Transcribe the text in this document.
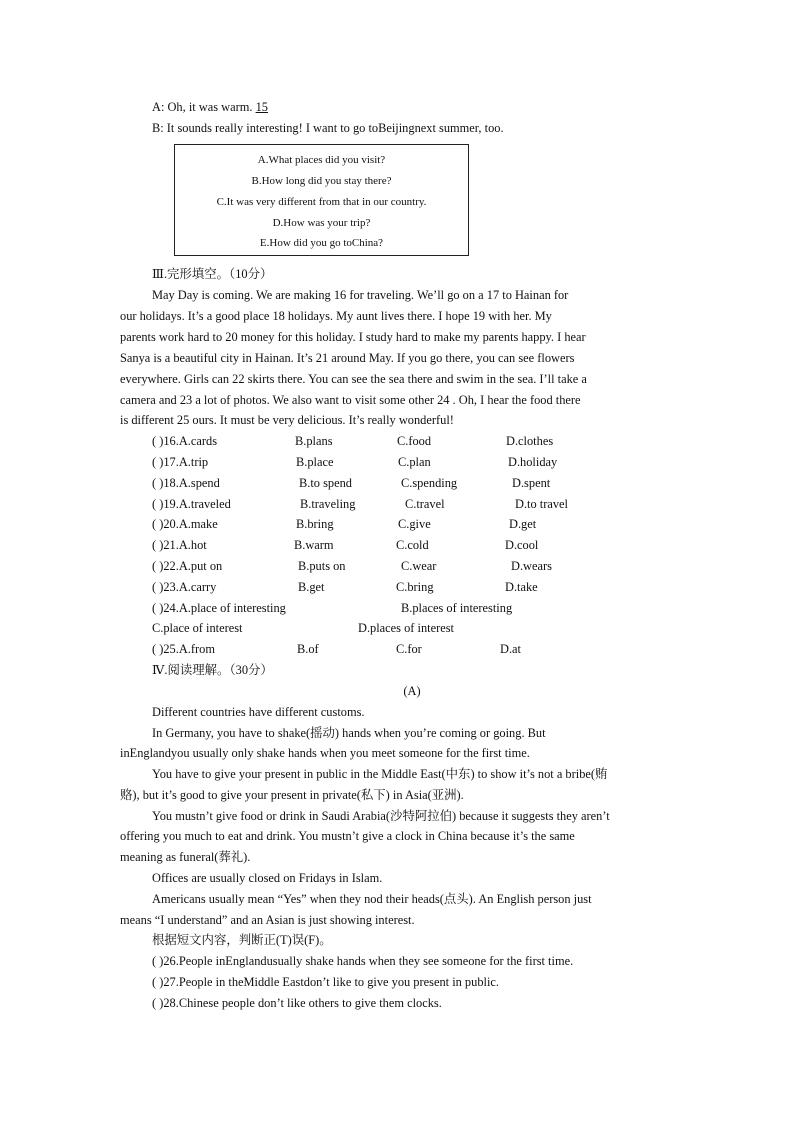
A: Oh, it was warm. 15
B: It sounds really interesting! I want to go toBeijingnext summer, too.
A.What places did you visit?
B.How long did you stay there?
C.It was very different from that in our country.
D.How was your trip?
E.How did you go toChina?
Ⅲ.完形填空。（10分）
May Day is coming. We are making 16 for traveling. We’ll go on a 17 to Hainan for
our holidays. It’s a good place 18 holidays. My aunt lives there. I hope 19 with her. My
parents work hard to 20 money for this holiday. I study hard to make my parents happy. I hear
Sanya is a beautiful city in Hainan. It’s 21 around May. If you go there, you can see flowers
everywhere. Girls can 22 skirts there. You can see the sea there and swim in the sea. I’ll take a
camera and 23 a lot of photos. We also want to visit some other 24 . Oh, I hear the food there
is different 25 ours. It must be very delicious. It’s really wonderful!
( )16.A.cards	B.plans	C.food	D.clothes
( )17.A.trip	B.place	C.plan	D.holiday
( )18.A.spend	B.to spend	C.spending	D.spent
( )19.A.traveled	B.traveling	C.travel	D.to travel
( )20.A.make	B.bring	C.give	D.get
( )21.A.hot	B.warm	C.cold	D.cool
( )22.A.put on	B.puts on	C.wear	D.wears
( )23.A.carry	B.get	C.bring	D.take
( )24.A.place of interesting	B.places of interesting
C.place of interest	D.places of interest
( )25.A.from	B.of	C.for	D.at
Ⅳ.阅读理解。（30分）
(A)
Different countries have different customs.
In Germany, you have to shake(摇动) hands when you’re coming or going. But
inEnglandyou usually only shake hands when you meet someone for the first time.
You have to give your present in public in the Middle East(中东) to show it’s not a bribe(贿
赂), but it’s good to give your present in private(私下) in Asia(亚洲).
You mustn’t give food or drink in Saudi Arabia(沙特阿拉伯) because it suggests they aren’t
offering you much to eat and drink. You mustn’t give a clock in China because it’s the same
meaning as funeral(葬礼).
Offices are usually closed on Fridays in Islam.
Americans usually mean “Yes” when they nod their heads(点头). An English person just
means “I understand” and an Asian is just showing interest.
根据短文内容，判断正(T)误(F)。
( )26.People inEnglandusually shake hands when they see someone for the first time.
( )27.People in theMiddle Eastdon’t like to give you present in public.
( )28.Chinese people don’t like others to give them clocks.
